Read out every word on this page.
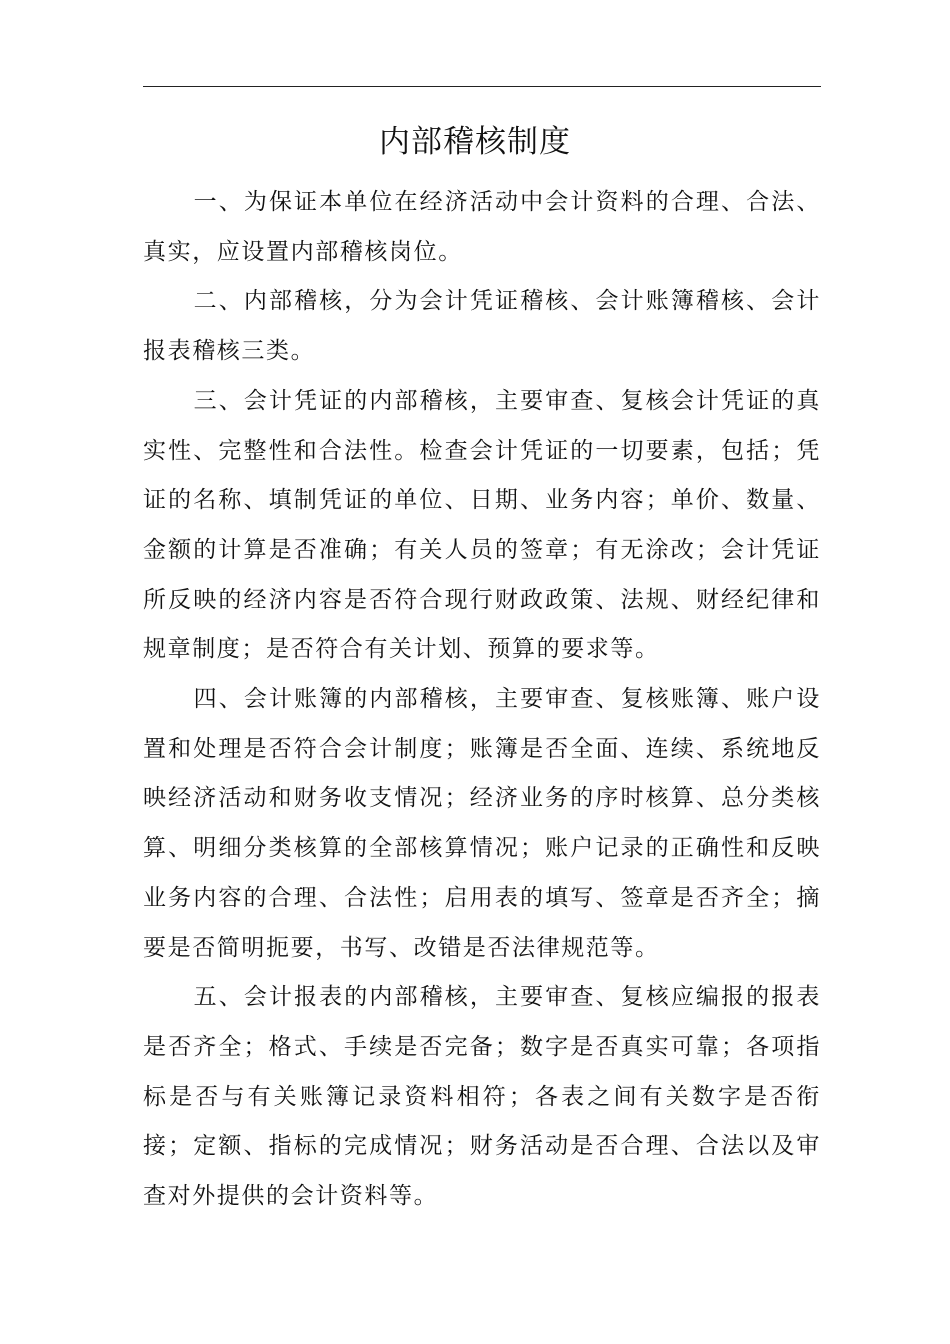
内部稽核制度

一、为保证本单位在经济活动中会计资料的合理、合法、真实，应设置内部稽核岗位。

二、内部稽核，分为会计凭证稽核、会计账簿稽核、会计报表稽核三类。

三、会计凭证的内部稽核，主要审查、复核会计凭证的真实性、完整性和合法性。检查会计凭证的一切要素，包括；凭证的名称、填制凭证的单位、日期、业务内容；单价、数量、金额的计算是否准确；有关人员的签章；有无涂改；会计凭证所反映的经济内容是否符合现行财政政策、法规、财经纪律和规章制度；是否符合有关计划、预算的要求等。

四、会计账簿的内部稽核，主要审查、复核账簿、账户设置和处理是否符合会计制度；账簿是否全面、连续、系统地反映经济活动和财务收支情况；经济业务的序时核算、总分类核算、明细分类核算的全部核算情况；账户记录的正确性和反映业务内容的合理、合法性；启用表的填写、签章是否齐全；摘要是否简明扼要，书写、改错是否法律规范等。

五、会计报表的内部稽核，主要审查、复核应编报的报表是否齐全；格式、手续是否完备；数字是否真实可靠；各项指标是否与有关账簿记录资料相符；各表之间有关数字是否衔接；定额、指标的完成情况；财务活动是否合理、合法以及审查对外提供的会计资料等。
